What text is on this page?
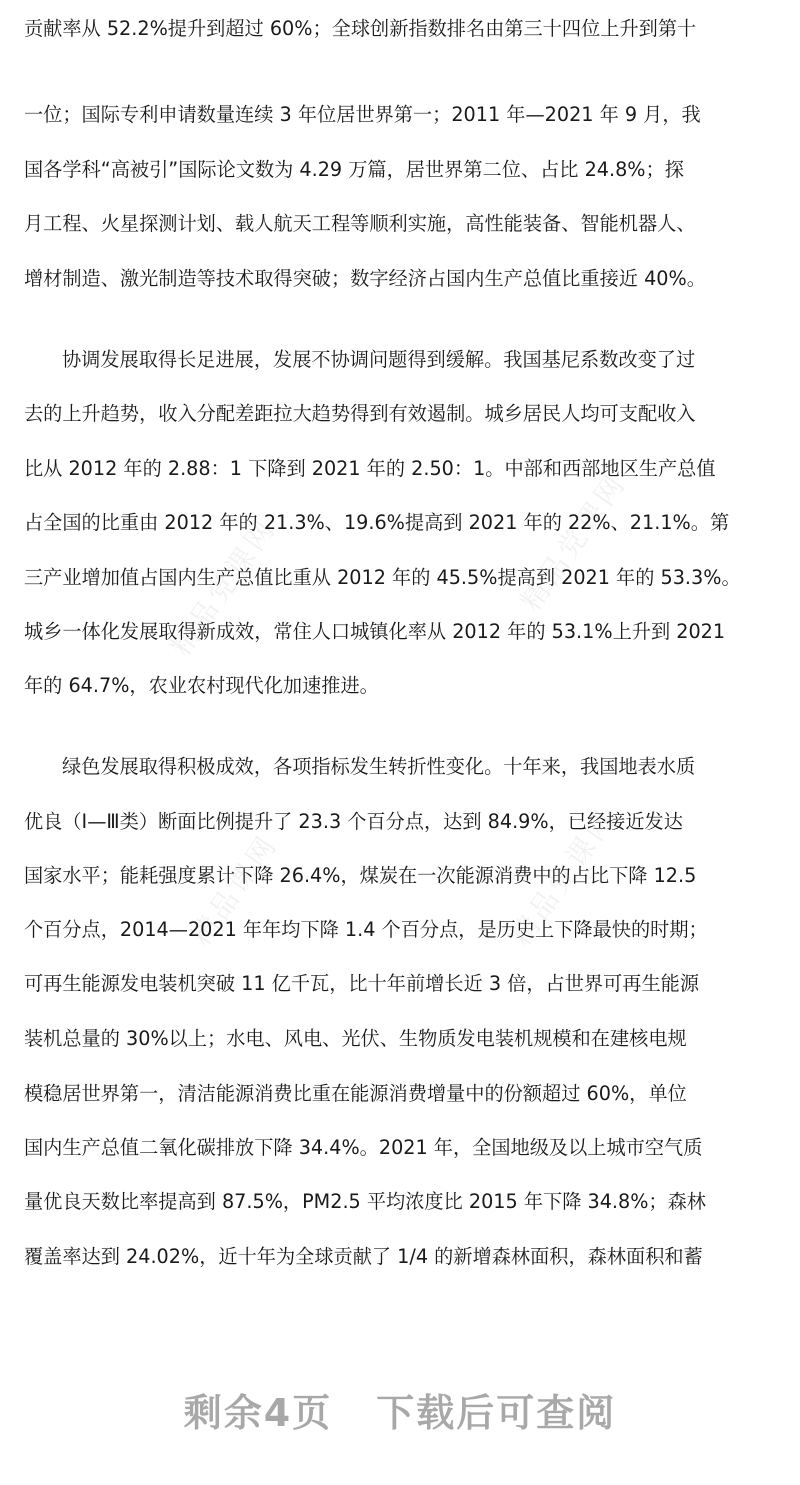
精品党课网	精品党课网
精品课网	精品党课网
贡献率从 52.2%提升到超过 60%；全球创新指数排名由第三十四位上升到第十
一位；国际专利申请数量连续 3 年位居世界第一；2011 年—2021 年 9 月，我
国各学科“高被引”国际论文数为 4.29 万篇，居世界第二位、占比 24.8%；探
月工程、火星探测计划、载人航天工程等顺利实施，高性能装备、智能机器人、
增材制造、激光制造等技术取得突破；数字经济占国内生产总值比重接近 40%。
协调发展取得长足进展，发展不协调问题得到缓解。我国基尼系数改变了过
去的上升趋势，收入分配差距拉大趋势得到有效遏制。城乡居民人均可支配收入
比从 2012 年的 2.88：1 下降到 2021 年的 2.50：1。中部和西部地区生产总值
占全国的比重由 2012 年的 21.3%、19.6%提高到 2021 年的 22%、21.1%。第
三产业增加值占国内生产总值比重从 2012 年的 45.5%提高到 2021 年的 53.3%。
城乡一体化发展取得新成效，常住人口城镇化率从 2012 年的 53.1%上升到 2021
年的 64.7%，农业农村现代化加速推进。
绿色发展取得积极成效，各项指标发生转折性变化。十年来，我国地表水质
优良（Ⅰ—Ⅲ类）断面比例提升了 23.3 个百分点，达到 84.9%，已经接近发达
国家水平；能耗强度累计下降 26.4%，煤炭在一次能源消费中的占比下降 12.5
个百分点，2014—2021 年年均下降 1.4 个百分点，是历史上下降最快的时期；
可再生能源发电装机突破 11 亿千瓦，比十年前增长近 3 倍，占世界可再生能源
装机总量的 30%以上；水电、风电、光伏、生物质发电装机规模和在建核电规
模稳居世界第一，清洁能源消费比重在能源消费增量中的份额超过 60%，单位
国内生产总值二氧化碳排放下降 34.4%。2021 年，全国地级及以上城市空气质
量优良天数比率提高到 87.5%，PM2.5 平均浓度比 2015 年下降 34.8%；森林
覆盖率达到 24.02%，近十年为全球贡献了 1/4 的新增森林面积，森林面积和蓄
剩余4页 下载后可查阅
